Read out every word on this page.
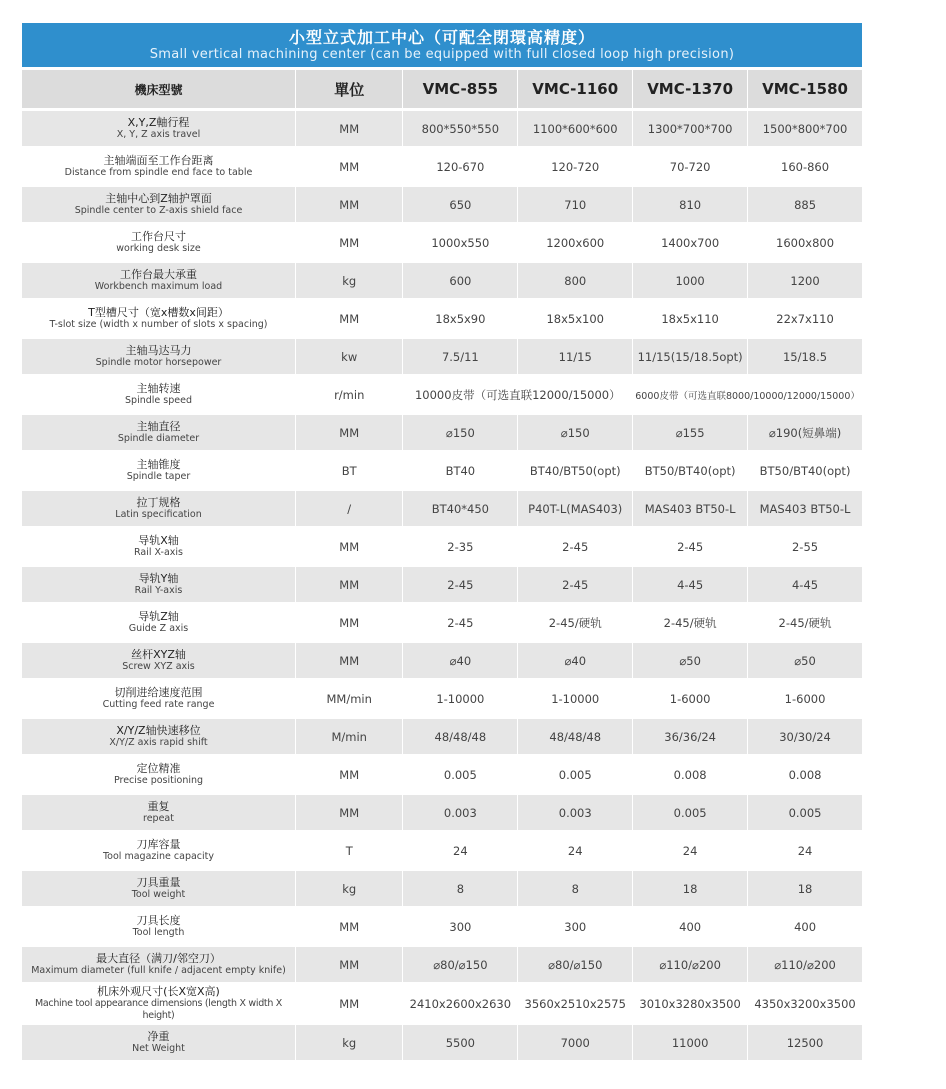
小型立式加工中心（可配全閉環高精度）
Small vertical machining center (can be equipped with full closed loop high precision)
機床型號	單位	VMC-855	VMC-1160	VMC-1370	VMC-1580

X,Y,Z軸行程
X, Y, Z axis travel	MM	800*550*550	1100*600*600	1300*700*700	1500*800*700

主轴端面至工作台距离
Distance from spindle end face to table	MM	120-670	120-720	70-720	160-860

主轴中心到Z轴护罩面
Spindle center to Z-axis shield face	MM	650	710	810	885

工作台尺寸
working desk size	MM	1000x550	1200x600	1400x700	1600x800

工作台最大承重
Workbench maximum load	kg	600	800	1000	1200

T型槽尺寸（宽x槽数x间距）
T-slot size (width x number of slots x spacing)	MM	18x5x90	18x5x100	18x5x110	22x7x110

主轴马达马力
Spindle motor horsepower	kw	7.5/11	11/15	11/15(15/18.5opt)	15/18.5

主轴转速
Spindle speed	r/min	10000皮带（可选直联12000/15000）		6000皮带（可选直联8000/10000/12000/15000）	

主轴直径
Spindle diameter	MM	⌀150	⌀150	⌀155	⌀190(短鼻端)

主轴锥度
Spindle taper	BT	BT40	BT40/BT50(opt)	BT50/BT40(opt)	BT50/BT40(opt)

拉丁规格
Latin specification	/	BT40*450	P40T-L(MAS403)	MAS403 BT50-L	MAS403 BT50-L

导轨X轴
Rail X-axis	MM	2-35	2-45	2-45	2-55

导轨Y轴
Rail Y-axis	MM	2-45	2-45	4-45	4-45

导轨Z轴
Guide Z axis	MM	2-45	2-45/硬轨	2-45/硬轨	2-45/硬轨

丝杆XYZ轴
Screw XYZ axis	MM	⌀40	⌀40	⌀50	⌀50

切削进给速度范围
Cutting feed rate range	MM/min	1-10000	1-10000	1-6000	1-6000

X/Y/Z轴快速移位
X/Y/Z axis rapid shift	M/min	48/48/48	48/48/48	36/36/24	30/30/24

定位精准
Precise positioning	MM	0.005	0.005	0.008	0.008

重复
repeat	MM	0.003	0.003	0.005	0.005

刀库容量
Tool magazine capacity	T	24	24	24	24

刀具重量
Tool weight	kg	8	8	18	18

刀具长度
Tool length	MM	300	300	400	400

最大直径（满刀/邻空刀）
Maximum diameter (full knife / adjacent empty knife)	MM	⌀80/⌀150	⌀80/⌀150	⌀110/⌀200	⌀110/⌀200

机床外观尺寸(长X宽X高)
Machine tool appearance dimensions (length X width X height)	MM	2410x2600x2630	3560x2510x2575	3010x3280x3500	4350x3200x3500

净重
Net Weight	kg	5500	7000	11000	12500
